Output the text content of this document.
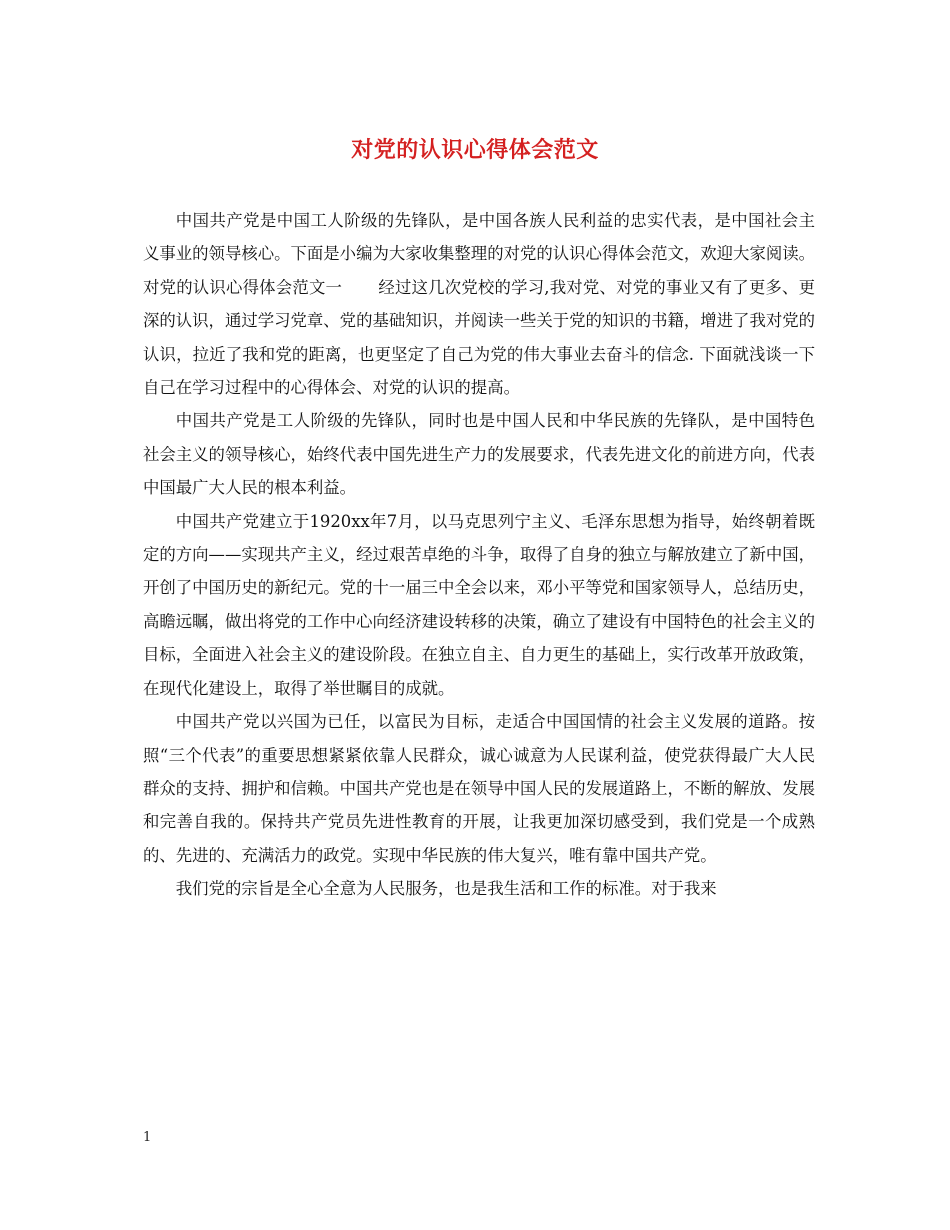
对党的认识心得体会范文

中国共产党是中国工人阶级的先锋队，是中国各族人民利益的忠实代表，是中国社会主义事业的领导核心。下面是小编为大家收集整理的对党的认识心得体会范文，欢迎大家阅读。

对党的认识心得体会范文一 经过这几次党校的学习,我对党、对党的事业又有了更多、更深的认识，通过学习党章、党的基础知识，并阅读一些关于党的知识的书籍，增进了我对党的认识，拉近了我和党的距离，也更坚定了自己为党的伟大事业去奋斗的信念. 下面就浅谈一下自己在学习过程中的心得体会、对党的认识的提高。

中国共产党是工人阶级的先锋队，同时也是中国人民和中华民族的先锋队，是中国特色社会主义的领导核心，始终代表中国先进生产力的发展要求，代表先进文化的前进方向，代表中国最广大人民的根本利益。

中国共产党建立于1920xx年7月，以马克思列宁主义、毛泽东思想为指导，始终朝着既定的方向——实现共产主义，经过艰苦卓绝的斗争，取得了自身的独立与解放建立了新中国，开创了中国历史的新纪元。党的十一届三中全会以来，邓小平等党和国家领导人，总结历史，高瞻远瞩，做出将党的工作中心向经济建设转移的决策，确立了建设有中国特色的社会主义的目标，全面进入社会主义的建设阶段。在独立自主、自力更生的基础上，实行改革开放政策，在现代化建设上，取得了举世瞩目的成就。

中国共产党以兴国为已任，以富民为目标，走适合中国国情的社会主义发展的道路。按照“三个代表”的重要思想紧紧依靠人民群众，诚心诚意为人民谋利益，使党获得最广大人民群众的支持、拥护和信赖。中国共产党也是在领导中国人民的发展道路上，不断的解放、发展和完善自我的。保持共产党员先进性教育的开展，让我更加深切感受到，我们党是一个成熟的、先进的、充满活力的政党。实现中华民族的伟大复兴，唯有靠中国共产党。

我们党的宗旨是全心全意为人民服务，也是我生活和工作的标准。对于我来

1
